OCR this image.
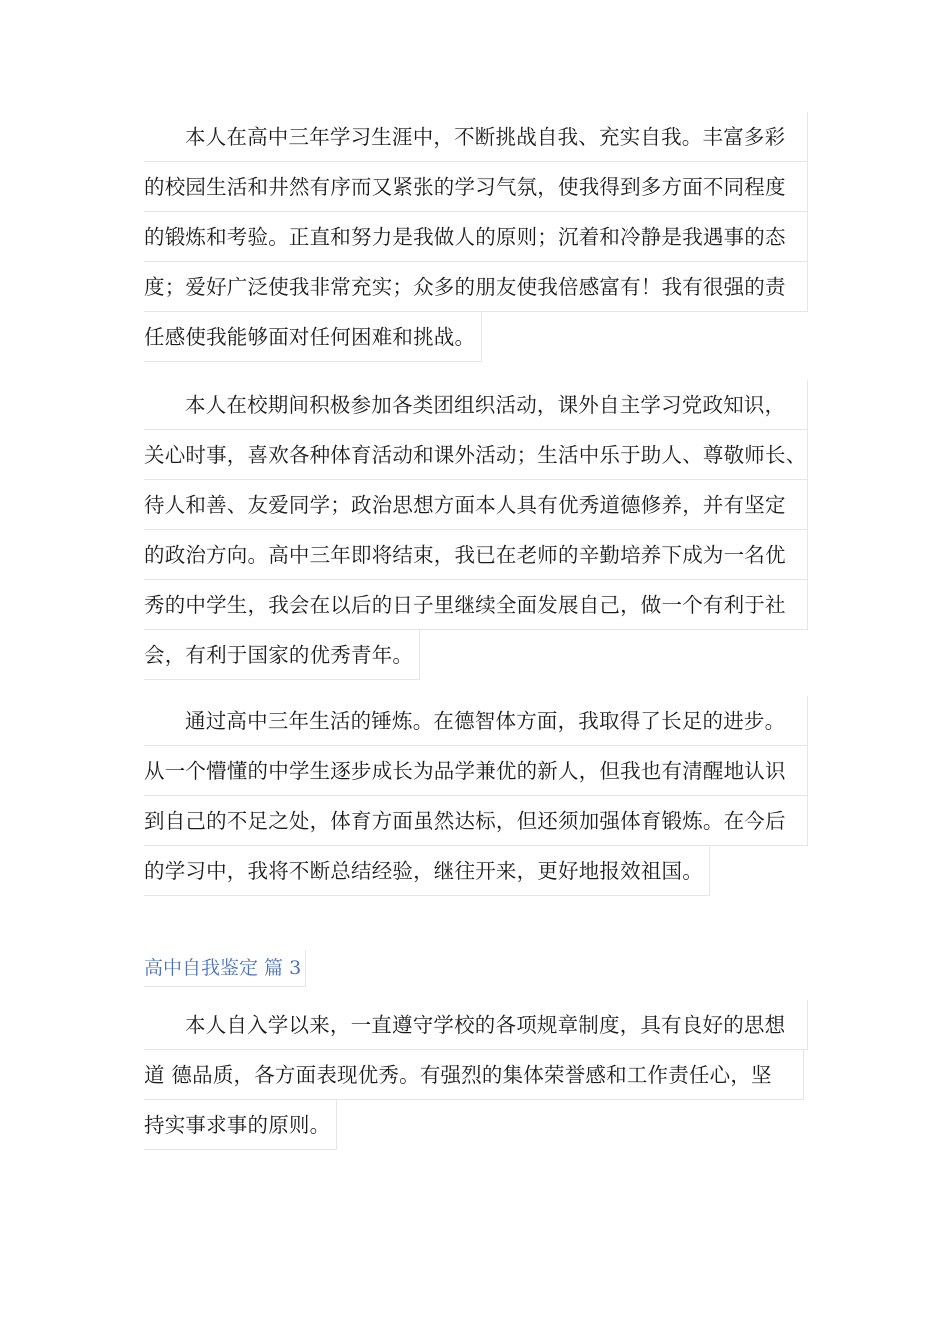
本人在高中三年学习生涯中，不断挑战自我、充实自我。丰富多彩
的校园生活和井然有序而又紧张的学习气氛，使我得到多方面不同程度
的锻炼和考验。正直和努力是我做人的原则；沉着和冷静是我遇事的态
度；爱好广泛使我非常充实；众多的朋友使我倍感富有！我有很强的责
任感使我能够面对任何困难和挑战。
本人在校期间积极参加各类团组织活动，课外自主学习党政知识，
关心时事，喜欢各种体育活动和课外活动；生活中乐于助人、尊敬师长、
待人和善、友爱同学；政治思想方面本人具有优秀道德修养，并有坚定
的政治方向。高中三年即将结束，我已在老师的辛勤培养下成为一名优
秀的中学生，我会在以后的日子里继续全面发展自己，做一个有利于社
会，有利于国家的优秀青年。
通过高中三年生活的锤炼。在德智体方面，我取得了长足的进步。
从一个懵懂的中学生逐步成长为品学兼优的新人，但我也有清醒地认识
到自己的不足之处，体育方面虽然达标，但还须加强体育锻炼。在今后
的学习中，我将不断总结经验，继往开来，更好地报效祖国。
高中自我鉴定 篇 3
本人自入学以来，一直遵守学校的各项规章制度，具有良好的思想
道 德品质，各方面表现优秀。有强烈的集体荣誉感和工作责任心，坚
持实事求事的原则。
